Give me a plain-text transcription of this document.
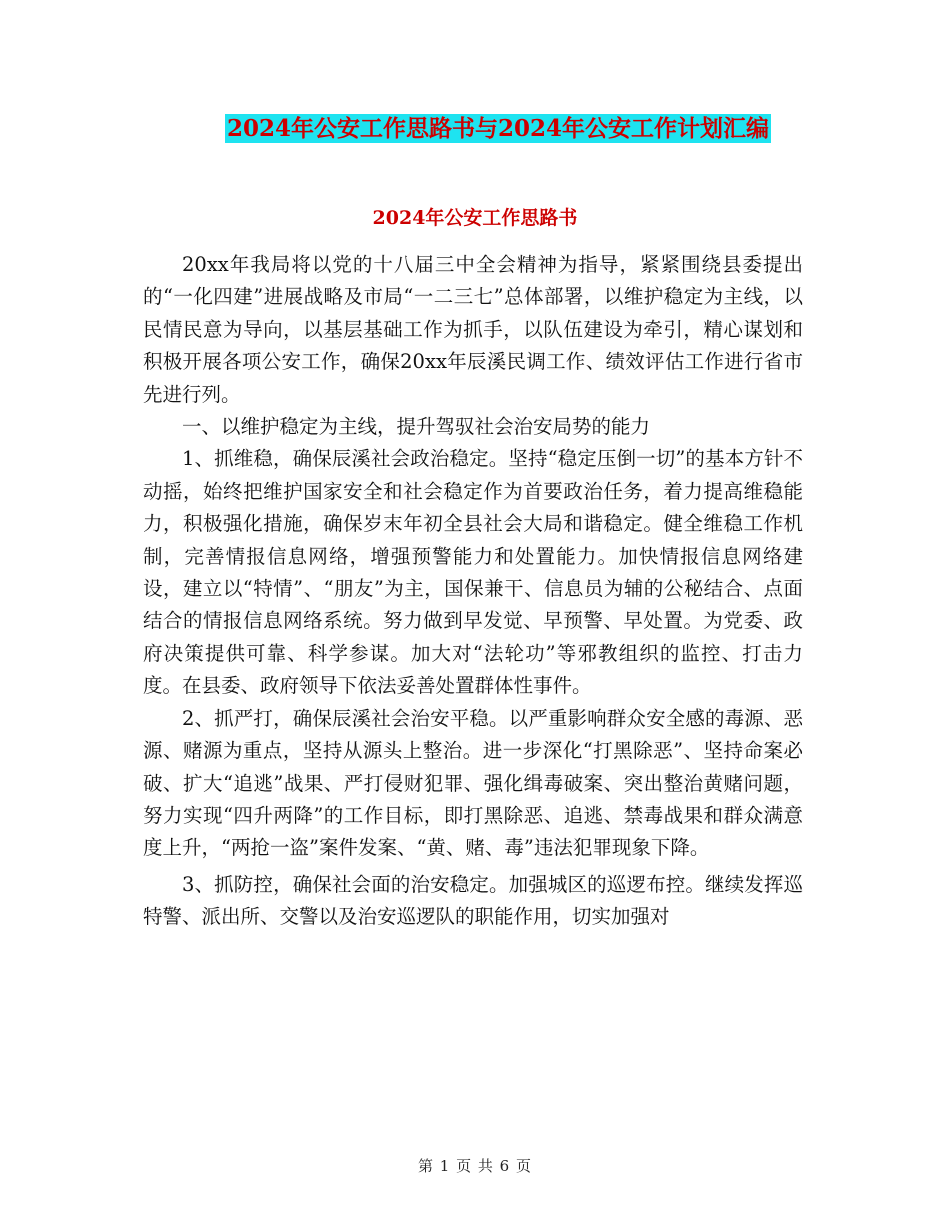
2024年公安工作思路书与2024年公安工作计划汇编
2024年公安工作思路书

20xx年我局将以党的十八届三中全会精神为指导，紧紧围绕县委提出的“一化四建”进展战略及市局“一二三七”总体部署，以维护稳定为主线，以民情民意为导向，以基层基础工作为抓手，以队伍建设为牵引，精心谋划和积极开展各项公安工作，确保20xx年辰溪民调工作、绩效评估工作进行省市先进行列。

一、以维护稳定为主线，提升驾驭社会治安局势的能力

1、抓维稳，确保辰溪社会政治稳定。坚持“稳定压倒一切”的基本方针不动摇，始终把维护国家安全和社会稳定作为首要政治任务，着力提高维稳能力，积极强化措施，确保岁末年初全县社会大局和谐稳定。健全维稳工作机制，完善情报信息网络，增强预警能力和处置能力。加快情报信息网络建设，建立以“特情”、“朋友”为主，国保兼干、信息员为辅的公秘结合、点面结合的情报信息网络系统。努力做到早发觉、早预警、早处置。为党委、政府决策提供可靠、科学参谋。加大对“法轮功”等邪教组织的监控、打击力度。在县委、政府领导下依法妥善处置群体性事件。

2、抓严打，确保辰溪社会治安平稳。以严重影响群众安全感的毒源、恶源、赌源为重点，坚持从源头上整治。进一步深化“打黑除恶”、坚持命案必破、扩大“追逃”战果、严打侵财犯罪、强化缉毒破案、突出整治黄赌问题，努力实现“四升两降”的工作目标，即打黑除恶、追逃、禁毒战果和群众满意度上升，“两抢一盗”案件发案、“黄、赌、毒”违法犯罪现象下降。

3、抓防控，确保社会面的治安稳定。加强城区的巡逻布控。继续发挥巡特警、派出所、交警以及治安巡逻队的职能作用，切实加强对

第 1 页 共 6 页
